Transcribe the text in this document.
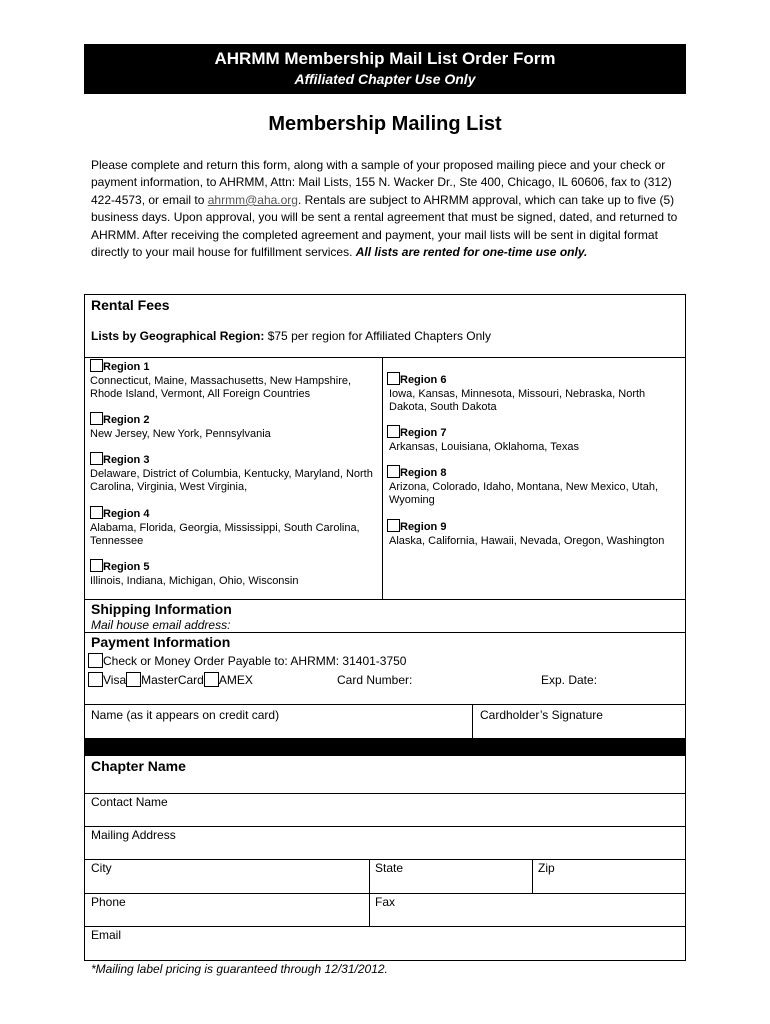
AHRMM Membership Mail List Order Form
Affiliated Chapter Use Only
Membership Mailing List
Please complete and return this form, along with a sample of your proposed mailing piece and your check or payment information, to AHRMM, Attn: Mail Lists, 155 N. Wacker Dr., Ste 400, Chicago, IL 60606, fax to (312) 422-4573, or email to ahrmm@aha.org. Rentals are subject to AHRMM approval, which can take up to five (5) business days. Upon approval, you will be sent a rental agreement that must be signed, dated, and returned to AHRMM. After receiving the completed agreement and payment, your mail lists will be sent in digital format directly to your mail house for fulfillment services. All lists are rented for one-time use only.
Rental Fees
Lists by Geographical Region: $75 per region for Affiliated Chapters Only
Region 1
Connecticut, Maine, Massachusetts, New Hampshire, Rhode Island, Vermont, All Foreign Countries
Region 2
New Jersey, New York, Pennsylvania
Region 3
Delaware, District of Columbia, Kentucky, Maryland, North Carolina, Virginia, West Virginia,
Region 4
Alabama, Florida, Georgia, Mississippi, South Carolina, Tennessee
Region 5
Illinois, Indiana, Michigan, Ohio, Wisconsin
Region 6
Iowa, Kansas, Minnesota, Missouri, Nebraska, North Dakota, South Dakota
Region 7
Arkansas, Louisiana, Oklahoma, Texas
Region 8
Arizona, Colorado, Idaho, Montana, New Mexico, Utah, Wyoming
Region 9
Alaska, California, Hawaii, Nevada, Oregon, Washington
Shipping Information
Mail house email address:
Payment Information
Check or Money Order Payable to: AHRMM: 31401-3750
Visa MasterCard AMEX	Card Number:	Exp. Date:
Name (as it appears on credit card)	Cardholder’s Signature
Chapter Name
Contact Name
Mailing Address
City	State	Zip
Phone	Fax
Email
*Mailing label pricing is guaranteed through 12/31/2012.
